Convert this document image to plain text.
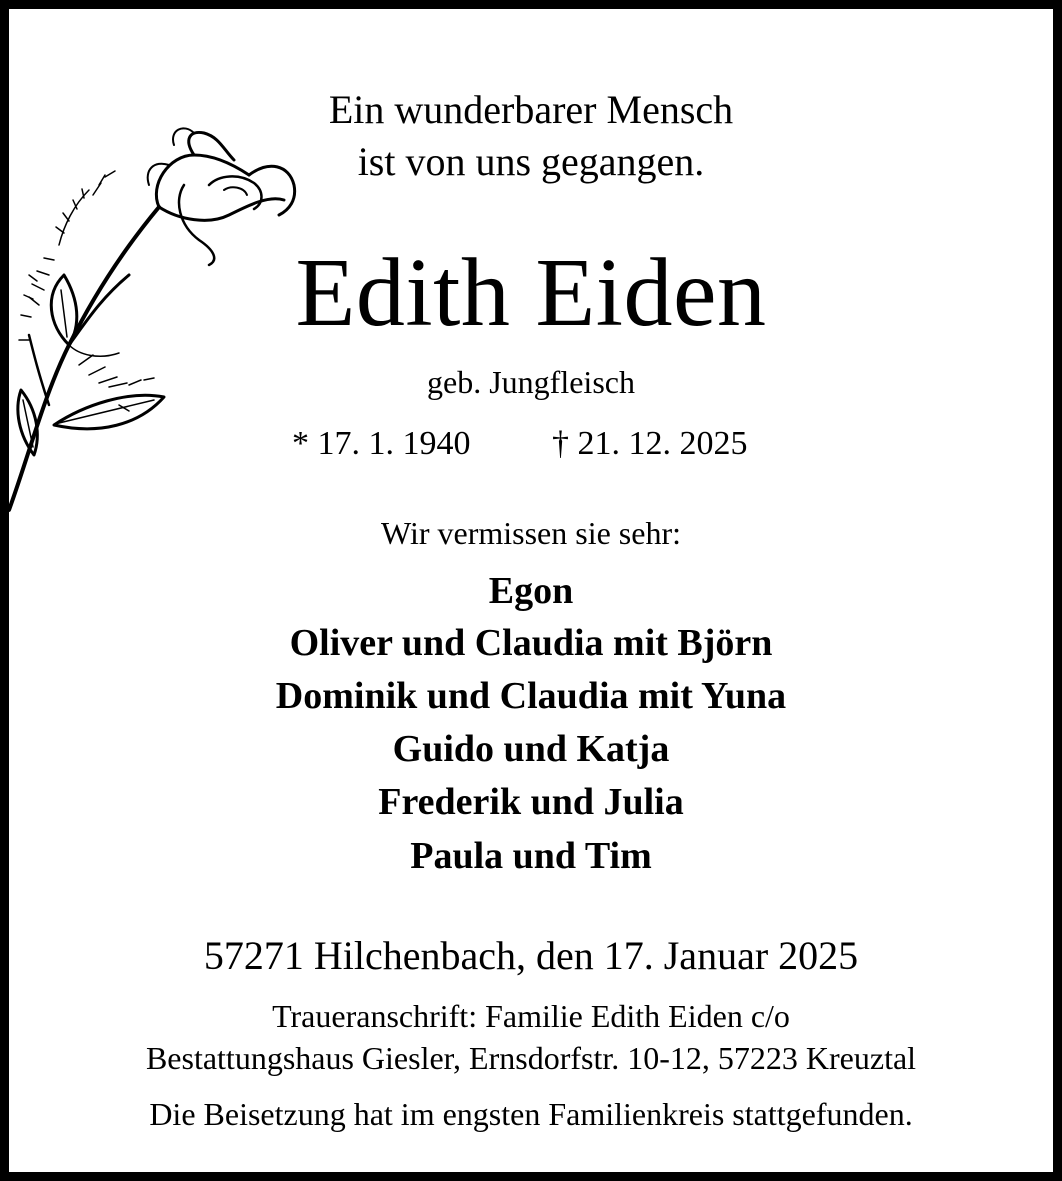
Ein wunderbarer Mensch
ist von uns gegangen.
Edith Eiden
geb. Jungfleisch
* 17. 1. 1940 † 21. 12. 2025
Wir vermissen sie sehr:
Egon
Oliver und Claudia mit Björn
Dominik und Claudia mit Yuna
Guido und Katja
Frederik und Julia
Paula und Tim
57271 Hilchenbach, den 17. Januar 2025
Traueranschrift: Familie Edith Eiden c/o
Bestattungshaus Giesler, Ernsdorfstr. 10-12, 57223 Kreuztal
Die Beisetzung hat im engsten Familienkreis stattgefunden.
